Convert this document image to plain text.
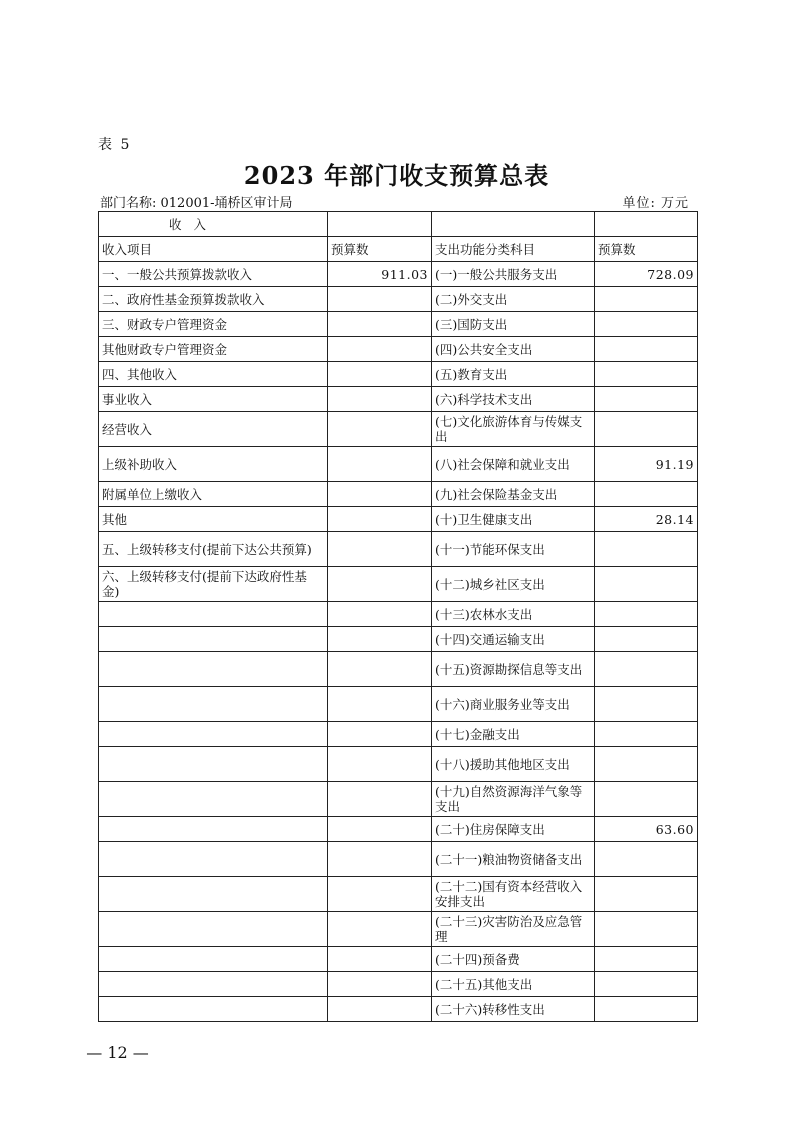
表 5
2023 年部门收支预算总表
部门名称: 012001-埇桥区审计局	单位: 万元
收 入			
收入项目	预算数	支出功能分类科目	预算数
一、一般公共预算拨款收入	911.03	(一)一般公共服务支出	728.09
二、政府性基金预算拨款收入		(二)外交支出	
三、财政专户管理资金		(三)国防支出	
其他财政专户管理资金		(四)公共安全支出	
四、其他收入		(五)教育支出	
事业收入		(六)科学技术支出	
经营收入		(七)文化旅游体育与传媒支出	
上级补助收入		(八)社会保障和就业支出	91.19
附属单位上缴收入		(九)社会保险基金支出	
其他		(十)卫生健康支出	28.14
五、上级转移支付(提前下达公共预算)		(十一)节能环保支出	
六、上级转移支付(提前下达政府性基金)		(十二)城乡社区支出	
		(十三)农林水支出	
		(十四)交通运输支出	
		(十五)资源勘探信息等支出	
		(十六)商业服务业等支出	
		(十七)金融支出	
		(十八)援助其他地区支出	
		(十九)自然资源海洋气象等支出	
		(二十)住房保障支出	63.60
		(二十一)粮油物资储备支出	
		(二十二)国有资本经营收入安排支出	
		(二十三)灾害防治及应急管理	
		(二十四)预备费	
		(二十五)其他支出	
		(二十六)转移性支出	
— 12 —
